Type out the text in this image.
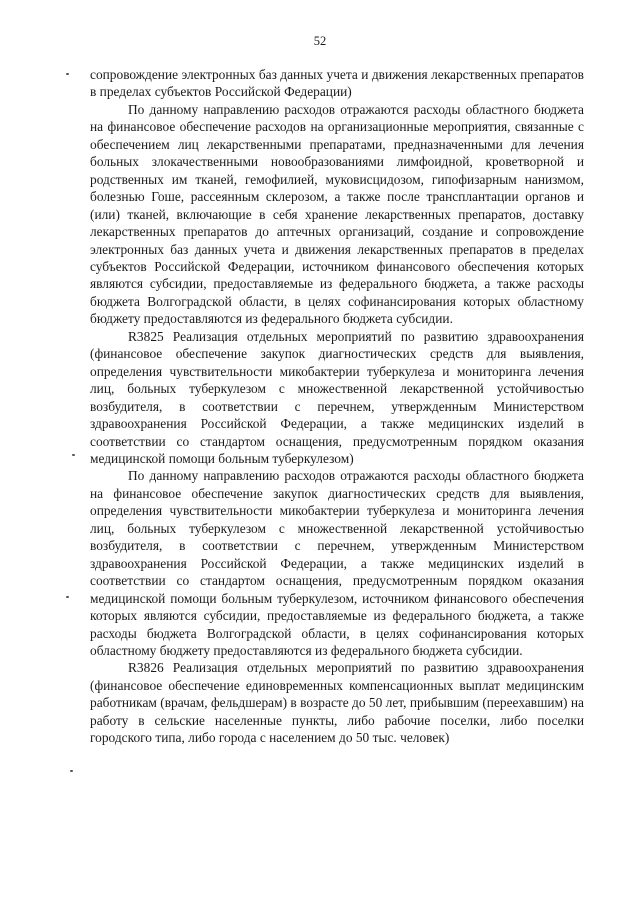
52

сопровождение электронных баз данных учета и движения лекарственных препаратов в пределах субъектов Российской Федерации)

По данному направлению расходов отражаются расходы областного бюджета на финансовое обеспечение расходов на организационные мероприятия, связанные с обеспечением лиц лекарственными препаратами, предназначенными для лечения больных злокачественными новообразованиями лимфоидной, кроветворной и родственных им тканей, гемофилией, муковисцидозом, гипофизарным нанизмом, болезнью Гоше, рассеянным склерозом, а также после трансплантации органов и (или) тканей, включающие в себя хранение лекарственных препаратов, доставку лекарственных препаратов до аптечных организаций, создание и сопровождение электронных баз данных учета и движения лекарственных препаратов в пределах субъектов Российской Федерации, источником финансового обеспечения которых являются субсидии, предоставляемые из федерального бюджета, а также расходы бюджета Волгоградской области, в целях софинансирования которых областному бюджету предоставляются из федерального бюджета субсидии.

R3825 Реализация отдельных мероприятий по развитию здравоохранения (финансовое обеспечение закупок диагностических средств для выявления, определения чувствительности микобактерии туберкулеза и мониторинга лечения лиц, больных туберкулезом с множественной лекарственной устойчивостью возбудителя, в соответствии с перечнем, утвержденным Министерством здравоохранения Российской Федерации, а также медицинских изделий в соответствии со стандартом оснащения, предусмотренным порядком оказания медицинской помощи больным туберкулезом)

По данному направлению расходов отражаются расходы областного бюджета на финансовое обеспечение закупок диагностических средств для выявления, определения чувствительности микобактерии туберкулеза и мониторинга лечения лиц, больных туберкулезом с множественной лекарственной устойчивостью возбудителя, в соответствии с перечнем, утвержденным Министерством здравоохранения Российской Федерации, а также медицинских изделий в соответствии со стандартом оснащения, предусмотренным порядком оказания медицинской помощи больным туберкулезом, источником финансового обеспечения которых являются субсидии, предоставляемые из федерального бюджета, а также расходы бюджета Волгоградской области, в целях софинансирования которых областному бюджету предоставляются из федерального бюджета субсидии.

R3826 Реализация отдельных мероприятий по развитию здравоохранения (финансовое обеспечение единовременных компенсационных выплат медицинским работникам (врачам, фельдшерам) в возрасте до 50 лет, прибывшим (переехавшим) на работу в сельские населенные пункты, либо рабочие поселки, либо поселки городского типа, либо города с населением до 50 тыс. человек)
